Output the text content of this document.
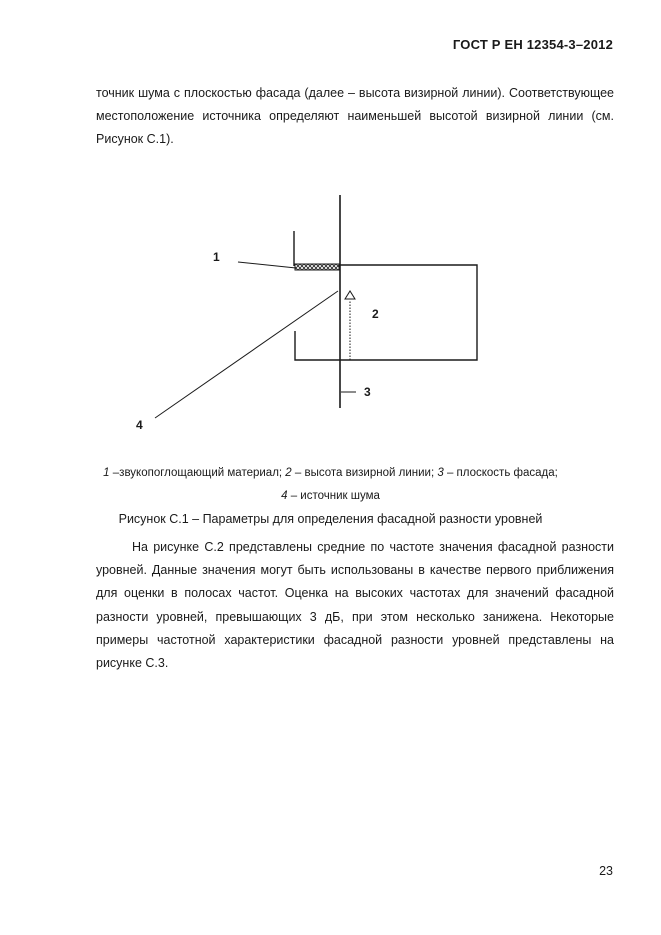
ГОСТ Р ЕН 12354-3–2012

точник шума с плоскостью фасада (далее – высота визирной линии). Соответствующее местоположение источника определяют наименьшей высотой визирной линии (см. Рисунок С.1).

1
2
3
4
1 –звукопоглощающий материал; 2 – высота визирной линии; 3 – плоскость фасада;
4 – источник шума
Рисунок С.1 – Параметры для определения фасадной разности уровней

На рисунке С.2 представлены средние по частоте значения фасадной разности уровней. Данные значения могут быть использованы в качестве первого приближения для оценки в полосах частот. Оценка на высоких частотах для значений фасадной разности уровней, превышающих 3 дБ, при этом несколько занижена. Некоторые примеры частотной характеристики фасадной разности уровней представлены на рисунке С.3.

23
